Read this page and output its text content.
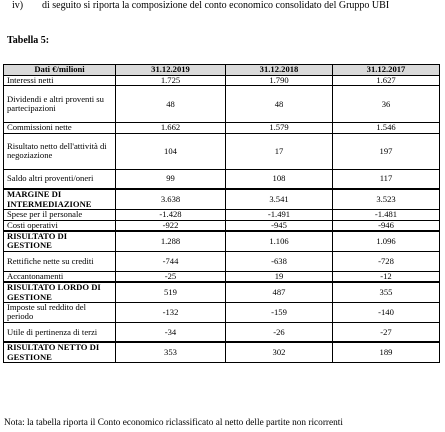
iv) di seguito si riporta la composizione del conto economico consolidato del Gruppo UBI
Tabella 5:
Dati €/milioni	31.12.2019	31.12.2018	31.12.2017
Interessi netti	1.725	1.790	1.627
Dividendi e altri proventi su partecipazioni	48	48	36
Commissioni nette	1.662	1.579	1.546
Risultato netto dell'attività di negoziazione	104	17	197
Saldo altri proventi/oneri	99	108	117
MARGINE DI INTERMEDIAZIONE	3.638	3.541	3.523
Spese per il personale	-1.428	-1.491	-1.481
Costi operativi	-922	-945	-946
RISULTATO DI GESTIONE	1.288	1.106	1.096
Rettifiche nette su crediti	-744	-638	-728
Accantonamenti	-25	19	-12
RISULTATO LORDO DI GESTIONE	519	487	355
Imposte sul reddito del periodo	-132	-159	-140
Utile di pertinenza di terzi	-34	-26	-27
RISULTATO NETTO DI GESTIONE	353	302	189
Nota: la tabella riporta il Conto economico riclassificato al netto delle partite non ricorrenti
